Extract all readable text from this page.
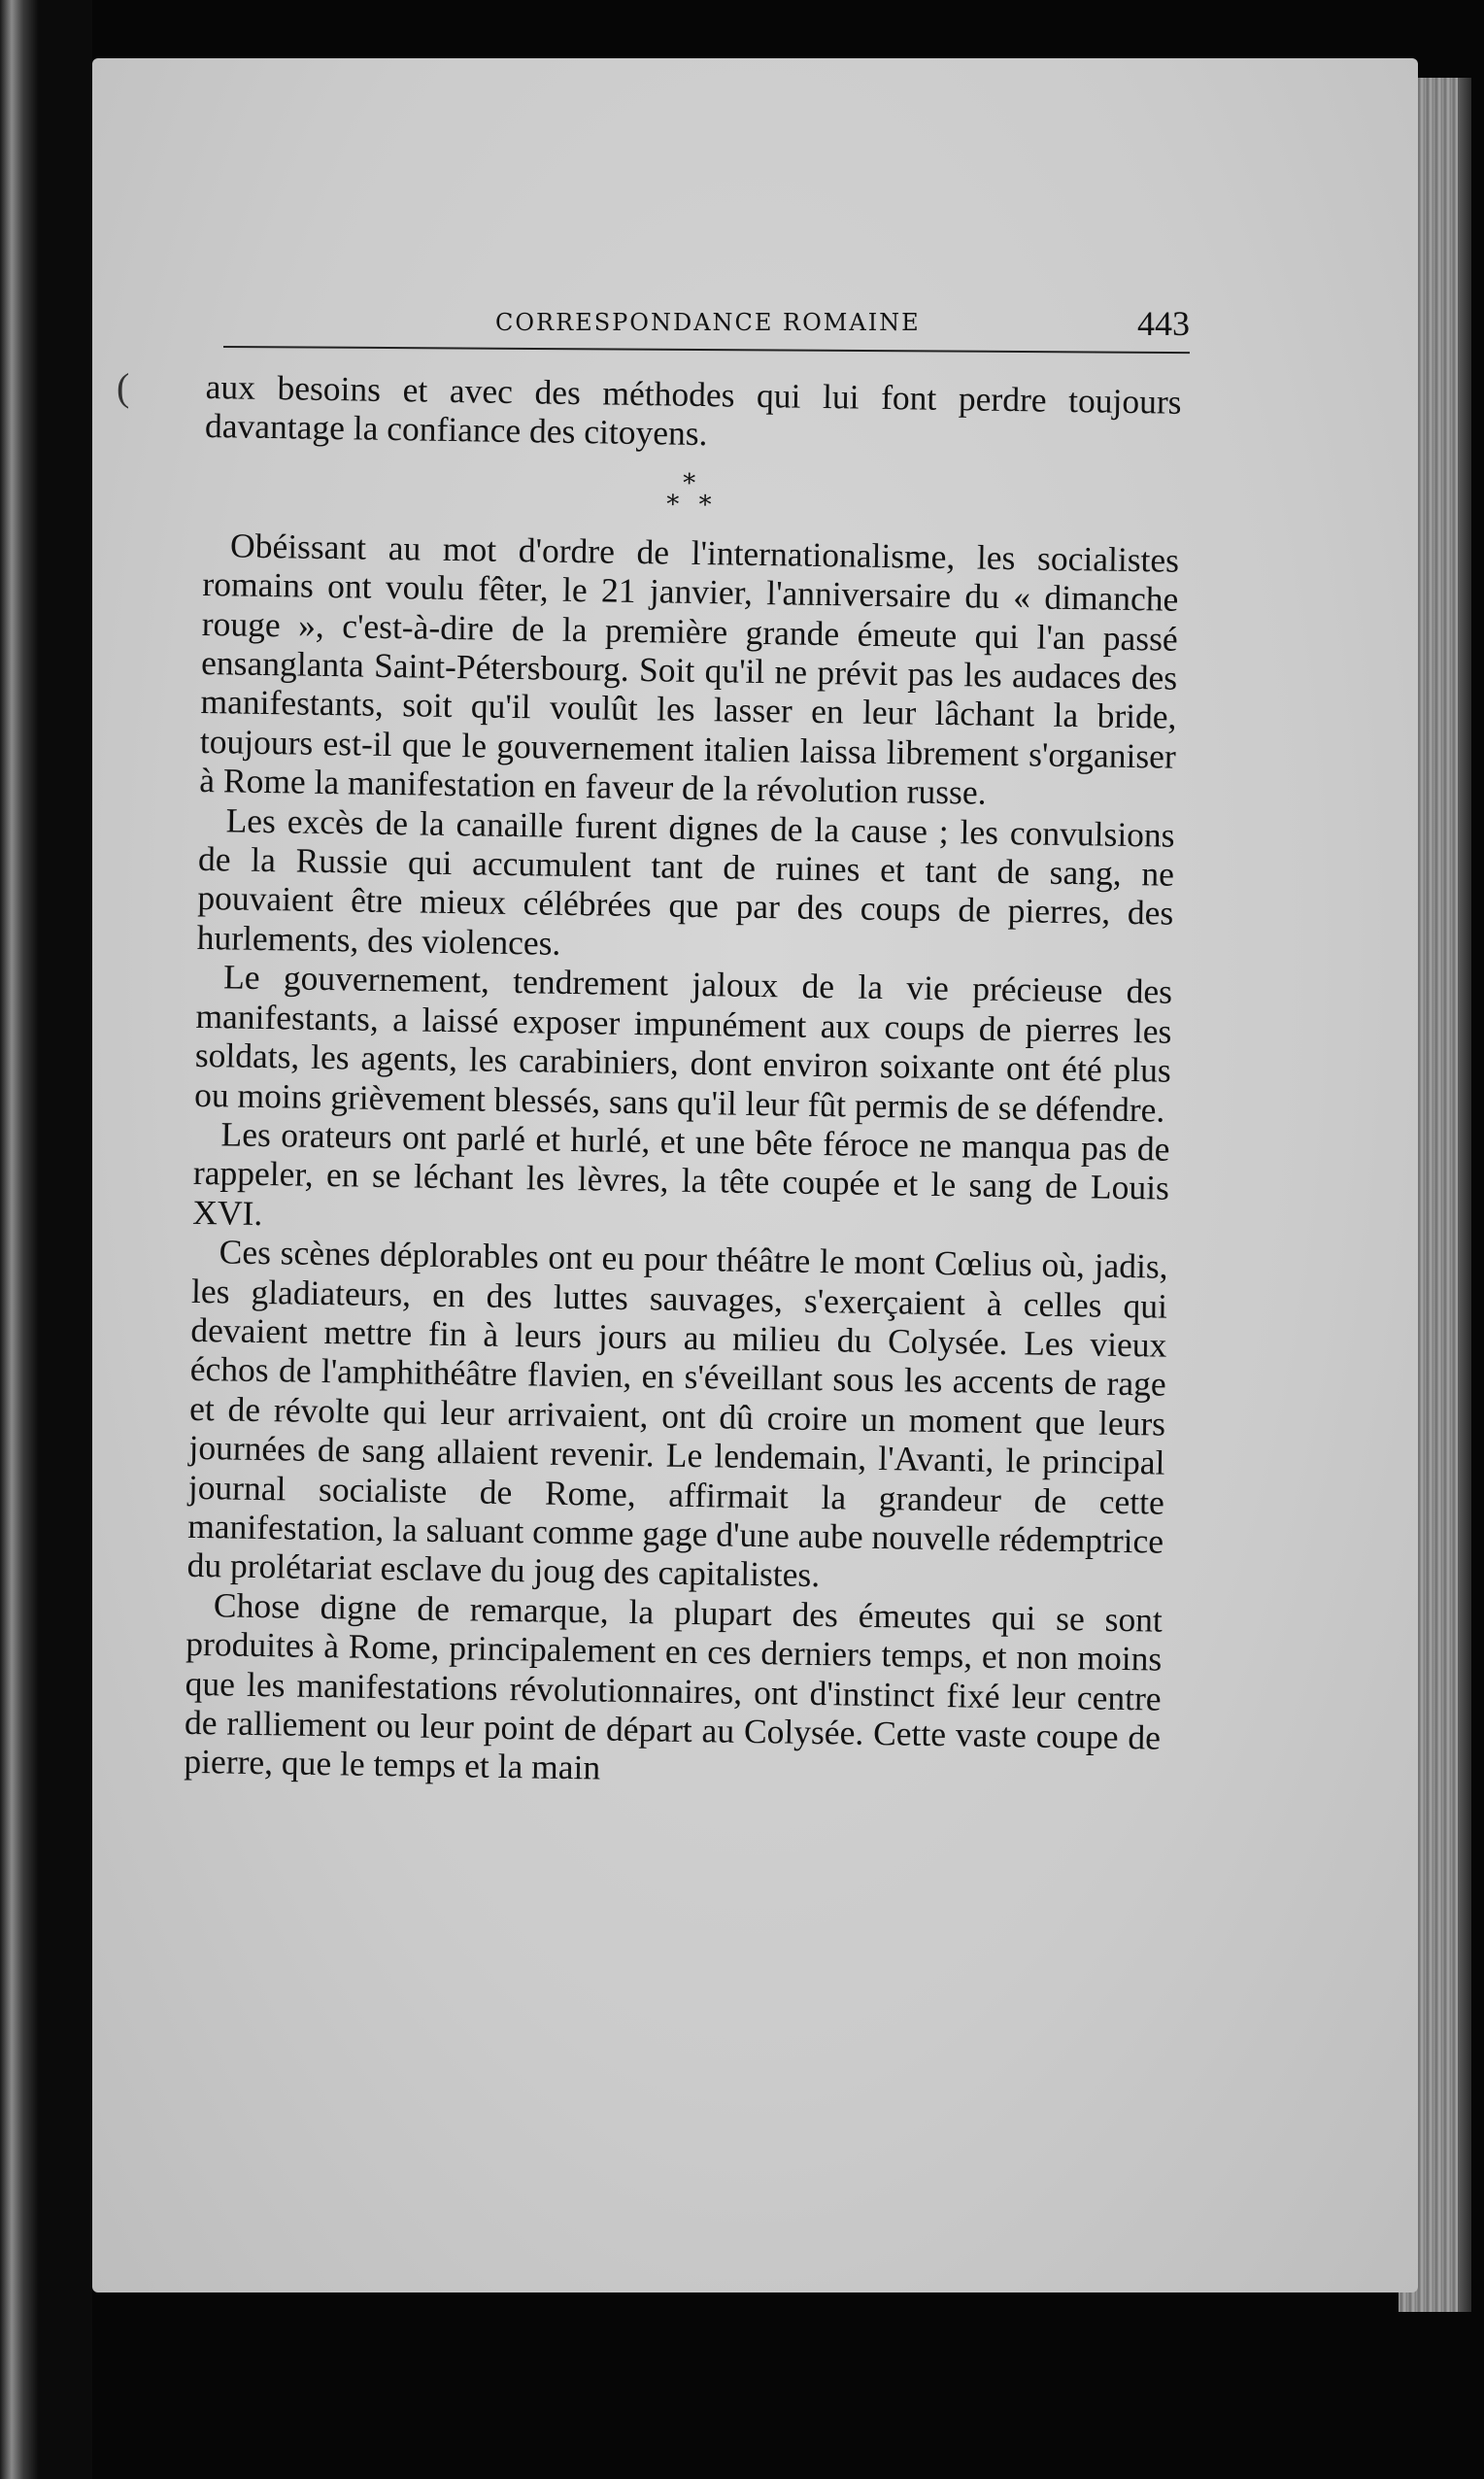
(
CORRESPONDANCE ROMAINE	443

aux besoins et avec des méthodes qui lui font perdre toujours davantage la confiance des citoyens.

*
* *

Obéissant au mot d'ordre de l'internationalisme, les socialistes romains ont voulu fêter, le 21 janvier, l'anniversaire du « dimanche rouge », c'est-à-dire de la première grande émeute qui l'an passé ensanglanta Saint-Pétersbourg. Soit qu'il ne prévit pas les audaces des manifestants, soit qu'il voulût les lasser en leur lâchant la bride, toujours est-il que le gouvernement italien laissa librement s'organiser à Rome la manifestation en faveur de la révolution russe.

Les excès de la canaille furent dignes de la cause ; les convulsions de la Russie qui accumulent tant de ruines et tant de sang, ne pouvaient être mieux célébrées que par des coups de pierres, des hurlements, des violences.

Le gouvernement, tendrement jaloux de la vie précieuse des manifestants, a laissé exposer impunément aux coups de pierres les soldats, les agents, les carabiniers, dont environ soixante ont été plus ou moins grièvement blessés, sans qu'il leur fût permis de se défendre.

Les orateurs ont parlé et hurlé, et une bête féroce ne manqua pas de rappeler, en se léchant les lèvres, la tête coupée et le sang de Louis XVI.

Ces scènes déplorables ont eu pour théâtre le mont Cœlius où, jadis, les gladiateurs, en des luttes sauvages, s'exerçaient à celles qui devaient mettre fin à leurs jours au milieu du Colysée. Les vieux échos de l'amphithéâtre flavien, en s'éveillant sous les accents de rage et de révolte qui leur arrivaient, ont dû croire un moment que leurs journées de sang allaient revenir. Le lendemain, l'Avanti, le principal journal socialiste de Rome, affirmait la grandeur de cette manifestation, la saluant comme gage d'une aube nouvelle rédemptrice du prolétariat esclave du joug des capitalistes.

Chose digne de remarque, la plupart des émeutes qui se sont produites à Rome, principalement en ces derniers temps, et non moins que les manifestations révolutionnaires, ont d'instinct fixé leur centre de ralliement ou leur point de départ au Colysée. Cette vaste coupe de pierre, que le temps et la main
